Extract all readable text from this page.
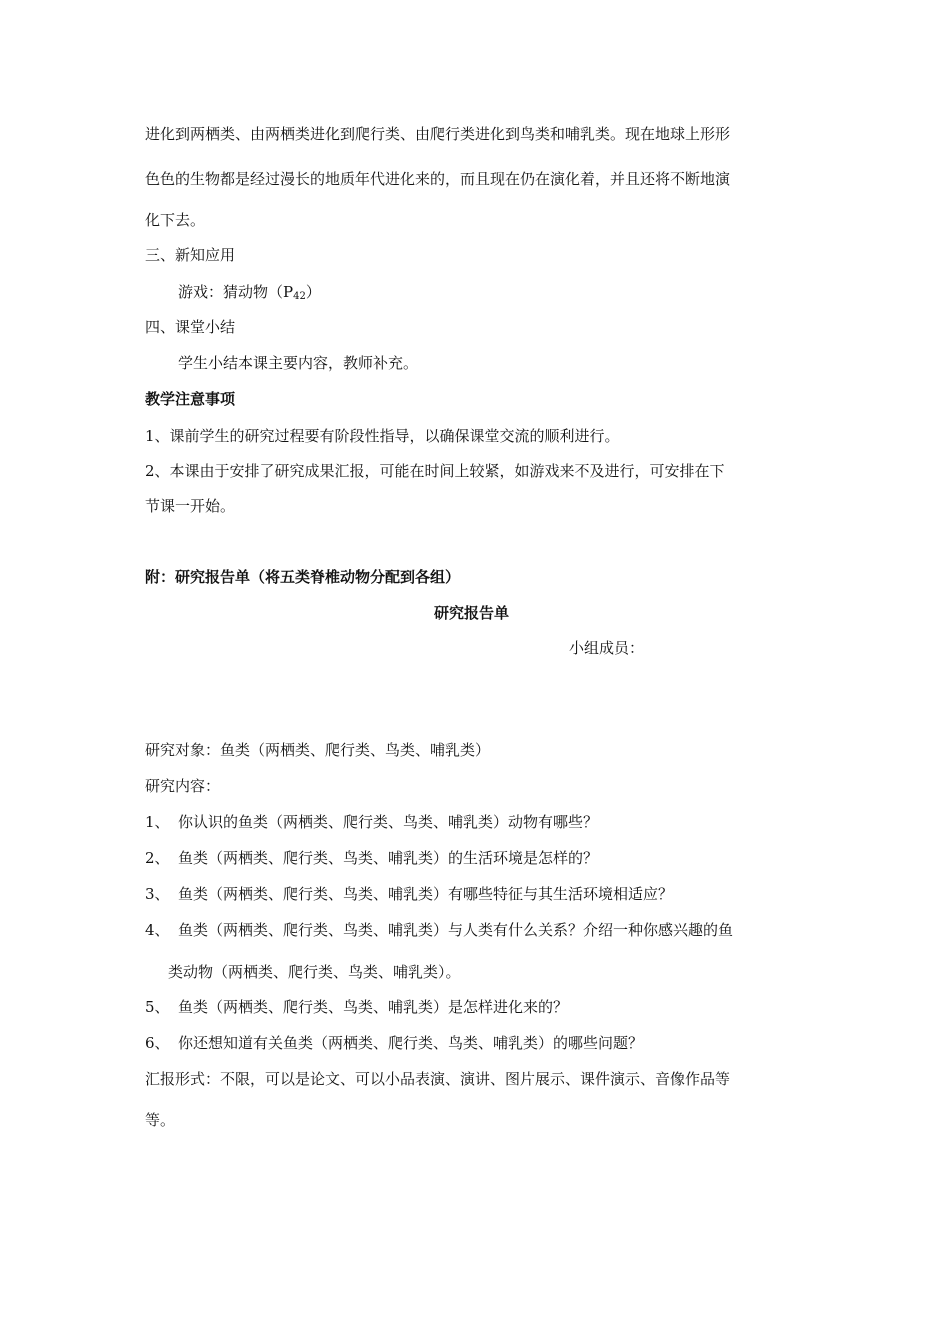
进化到两栖类、由两栖类进化到爬行类、由爬行类进化到鸟类和哺乳类。现在地球上形形
色色的生物都是经过漫长的地质年代进化来的，而且现在仍在演化着，并且还将不断地演
化下去。
三、新知应用
游戏：猜动物$(P_{42})$
四、课堂小结
学生小结本课主要内容，教师补充。
教学注意事项
1、课前学生的研究过程要有阶段性指导，以确保课堂交流的顺利进行。
2、本课由于安排了研究成果汇报，可能在时间上较紧，如游戏来不及进行，可安排在下
节课一开始。
附：研究报告单（将五类脊椎动物分配到各组）
研究报告单
小组成员：
研究对象：鱼类（两栖类、爬行类、鸟类、哺乳类）
研究内容：
1、 你认识的鱼类（两栖类、爬行类、鸟类、哺乳类）动物有哪些？
2、 鱼类（两栖类、爬行类、鸟类、哺乳类）的生活环境是怎样的？
3、 鱼类（两栖类、爬行类、鸟类、哺乳类）有哪些特征与其生活环境相适应？
4、 鱼类（两栖类、爬行类、鸟类、哺乳类）与人类有什么关系？介绍一种你感兴趣的鱼
类动物（两栖类、爬行类、鸟类、哺乳类）。
5、 鱼类（两栖类、爬行类、鸟类、哺乳类）是怎样进化来的？
6、 你还想知道有关鱼类（两栖类、爬行类、鸟类、哺乳类）的哪些问题？
汇报形式：不限，可以是论文、可以小品表演、演讲、图片展示、课件演示、音像作品等
等。
